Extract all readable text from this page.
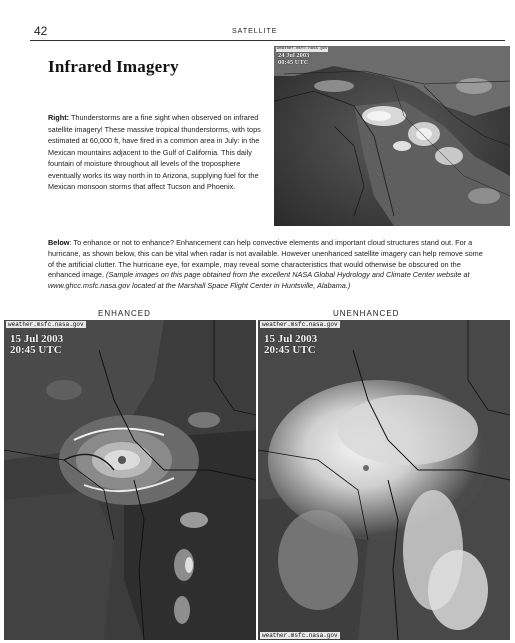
42	SATELLITE
Infrared Imagery

Right: Thunderstorms are a fine sight when observed on infrared satellite imagery! These massive tropical thunderstorms, with tops estimated at 60,000 ft, have fired in a common area in July: in the Mexican mountains adjacent to the Gulf of California. This daily fountain of moisture throughout all levels of the troposphere eventually works its way north in to Arizona, supplying fuel for the Mexican monsoon storms that affect Tucson and Phoenix.

weather.msfc.nasa.gov
24 Jul 2003
00:45 UTC

Below: To enhance or not to enhance? Enhancement can help convective elements and important cloud structures stand out. For a hurricane, as shown below, this can be vital when radar is not available. However unenhanced satellite imagery can help remove some of the artificial clutter. The hurricane eye, for example, may reveal some characteristics that would otherwise be obscured on the enhanced image. (Sample images on this page obtained from the excellent NASA Global Hydrology and Climate Center website at www.ghcc.msfc.nasa.gov located at the Marshall Space Flight Center in Huntsville, Alabama.)

ENHANCED	UNENHANCED
weather.msfc.nasa.gov
15 Jul 2003
20:45 UTC
weather.msfc.nasa.gov
weather.msfc.nasa.gov
15 Jul 2003
20:45 UTC
